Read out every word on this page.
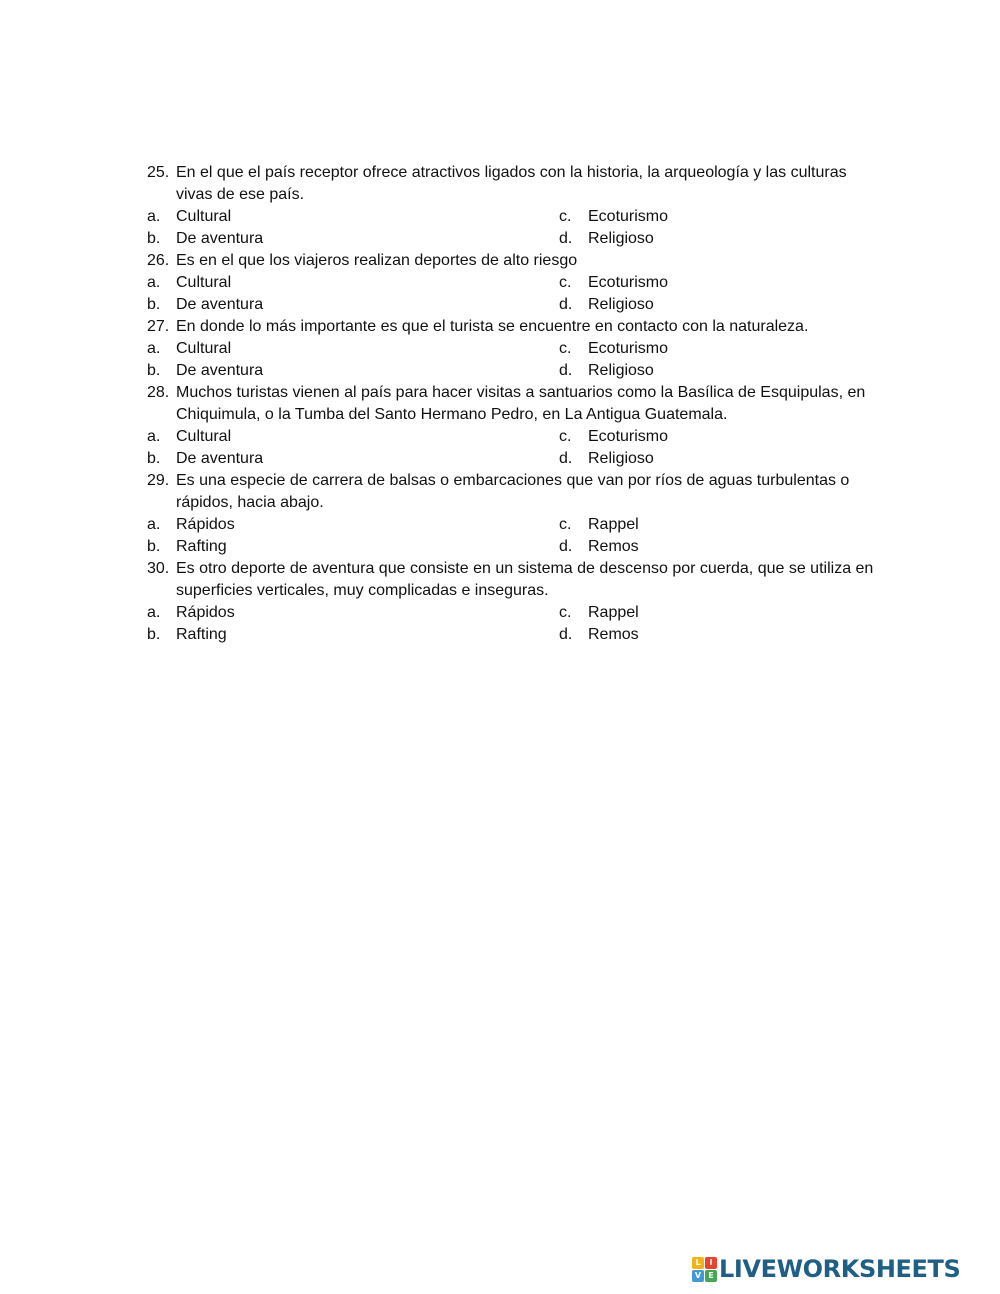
25. En el que el país receptor ofrece atractivos ligados con la historia, la arqueología y las culturas vivas de ese país.
a. Cultural	c.	Ecoturismo
b. De aventura	d. Religioso
26. Es en el que los viajeros realizan deportes de alto riesgo
a. Cultural	c.	Ecoturismo
b. De aventura	d. Religioso
27. En donde lo más importante es que el turista se encuentre en contacto con la naturaleza.
a. Cultural	c.	Ecoturismo
b. De aventura	d. Religioso
28. Muchos turistas vienen al país para hacer visitas a santuarios como la Basílica de Esquipulas, en Chiquimula, o la Tumba del Santo Hermano Pedro, en La Antigua Guatemala.
a. Cultural	c.	Ecoturismo
b. De aventura	d. Religioso
29. Es una especie de carrera de balsas o embarcaciones que van por ríos de aguas turbulentas o rápidos, hacia abajo.
a. Rápidos	c.	Rappel
b. Rafting	d. Remos
30. Es otro deporte de aventura que consiste en un sistema de descenso por cuerda, que se utiliza en superficies verticales, muy complicadas e inseguras.
a. Rápidos	c.	Rappel
b. Rafting	d. Remos
L	I
V E LIVEWORKSHEETS
